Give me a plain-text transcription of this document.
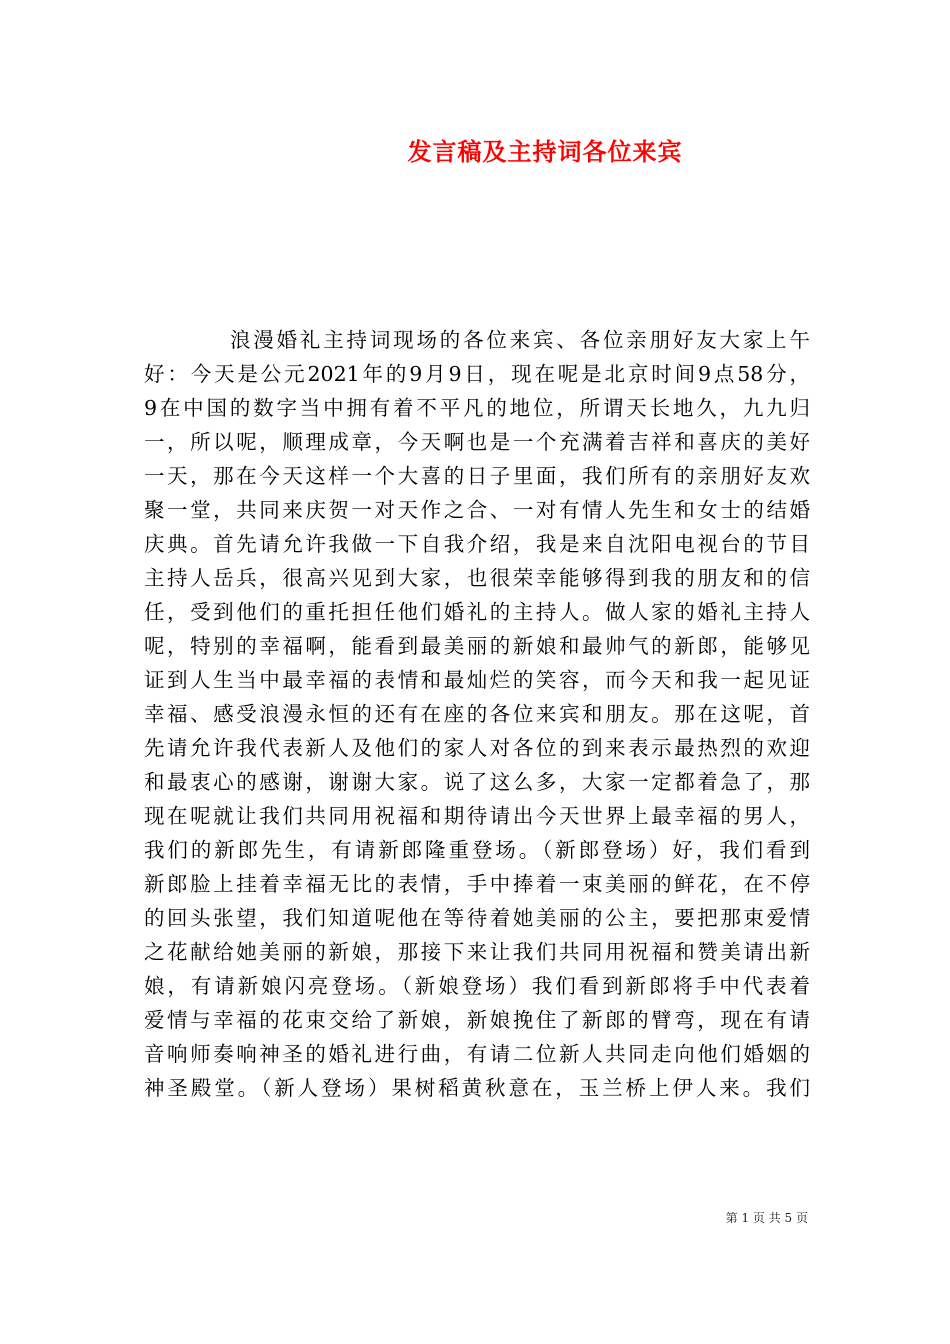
发言稿及主持词各位来宾
浪漫婚礼主持词现场的各位来宾、各位亲朋好友大家上午
好：今天是公元2021年的9月9日，现在呢是北京时间9点58分，
9在中国的数字当中拥有着不平凡的地位，所谓天长地久，九九归
一，所以呢，顺理成章，今天啊也是一个充满着吉祥和喜庆的美好
一天，那在今天这样一个大喜的日子里面，我们所有的亲朋好友欢
聚一堂，共同来庆贺一对天作之合、一对有情人先生和女士的结婚
庆典。首先请允许我做一下自我介绍，我是来自沈阳电视台的节目
主持人岳兵，很高兴见到大家，也很荣幸能够得到我的朋友和的信
任，受到他们的重托担任他们婚礼的主持人。做人家的婚礼主持人
呢，特别的幸福啊，能看到最美丽的新娘和最帅气的新郎，能够见
证到人生当中最幸福的表情和最灿烂的笑容，而今天和我一起见证
幸福、感受浪漫永恒的还有在座的各位来宾和朋友。那在这呢，首
先请允许我代表新人及他们的家人对各位的到来表示最热烈的欢迎
和最衷心的感谢，谢谢大家。说了这么多，大家一定都着急了，那
现在呢就让我们共同用祝福和期待请出今天世界上最幸福的男人，
我们的新郎先生，有请新郎隆重登场。（新郎登场）好，我们看到
新郎脸上挂着幸福无比的表情，手中捧着一束美丽的鲜花，在不停
的回头张望，我们知道呢他在等待着她美丽的公主，要把那束爱情
之花献给她美丽的新娘，那接下来让我们共同用祝福和赞美请出新
娘，有请新娘闪亮登场。（新娘登场）我们看到新郎将手中代表着
爱情与幸福的花束交给了新娘，新娘挽住了新郎的臂弯，现在有请
音响师奏响神圣的婚礼进行曲，有请二位新人共同走向他们婚姻的
神圣殿堂。（新人登场）果树稻黄秋意在，玉兰桥上伊人来。我们
第 1 页 共 5 页
